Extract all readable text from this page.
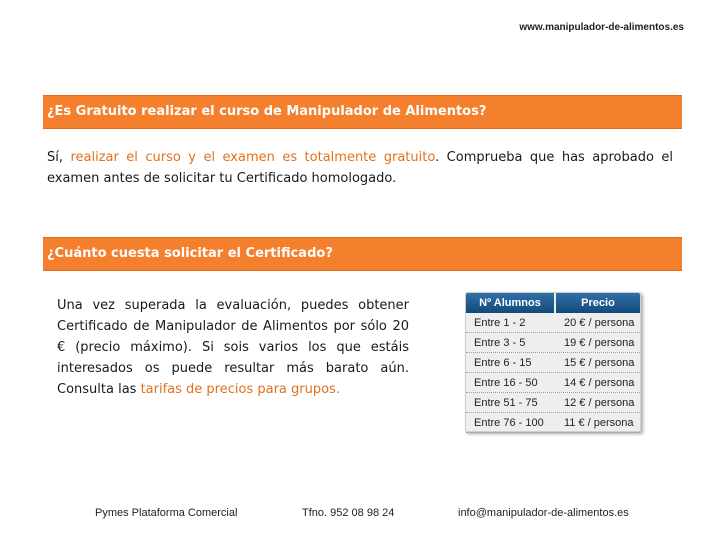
www.manipulador-de-alimentos.es
¿Es Gratuito realizar el curso de Manipulador de Alimentos?

Sí, realizar el curso y el examen es totalmente gratuito. Comprueba que has aprobado el examen antes de solicitar tu Certificado homologado.

¿Cuánto cuesta solicitar el Certificado?

Una vez superada la evaluación, puedes obtener Certificado de Manipulador de Alimentos por sólo 20 € (precio máximo). Si sois varios los que estáis interesados os puede resultar más barato aún. Consulta las tarifas de precios para grupos.

Nº Alumnos	Precio
Entre 1 - 2	20 € / persona
Entre 3 - 5	19 € / persona
Entre 6 - 15	15 € / persona
Entre 16 - 50	14 € / persona
Entre 51 - 75	12 € / persona
Entre 76 - 100	11 € / persona
Pymes Plataforma Comercial	Tfno. 952 08 98 24	info@manipulador-de-alimentos.es
